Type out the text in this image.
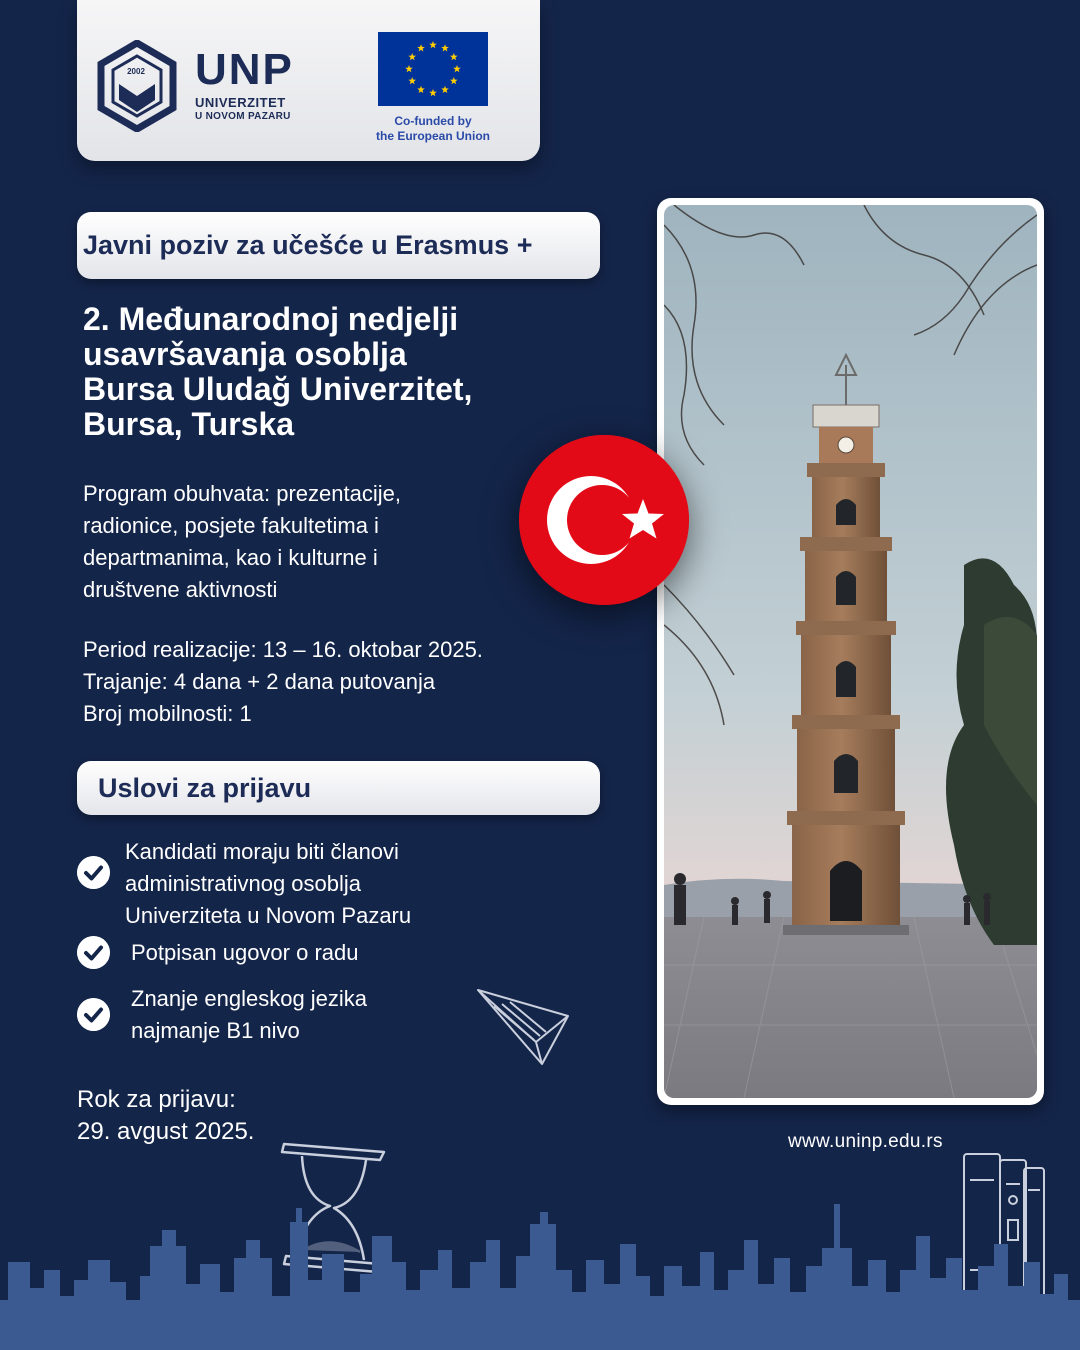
2002	UNP
UNIVERZITET
U NOVOM PAZARU	Co-funded by
the European Union
Javni poziv za učešće u Erasmus +
2. Međunarodnoj nedjelji
usavršavanja osoblja
Bursa Uludağ Univerzitet,
Bursa, Turska
Program obuhvata: prezentacije,
radionice, posjete fakultetima i
departmanima, kao i kulturne i
društvene aktivnosti
Period realizacije: 13 – 16. oktobar 2025.
Trajanje: 4 dana + 2 dana putovanja
Broj mobilnosti: 1
Uslovi za prijavu
Kandidati moraju biti članovi
administrativnog osoblja
Univerziteta u Novom Pazaru
Potpisan ugovor o radu
Znanje engleskog jezika
najmanje B1 nivo
Rok za prijavu:
29. avgust 2025.	www.uninp.edu.rs
